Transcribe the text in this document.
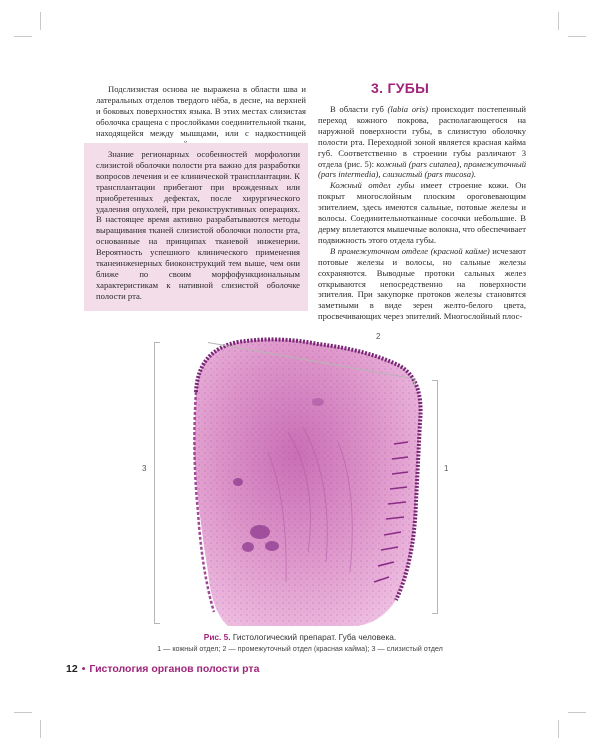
Подслизистая основа не выражена в области шва и латеральных отделов твердого нёба, в десне, на верхней и боковых поверхностях языка. В этих местах слизистая оболочка сращена с прослойками соединительной ткани, находящейся между мышцами, или с надкостницей

Знание регионарных особенностей морфологии слизистой оболочки полости рта важно для разработки вопросов лечения и ее клинической трансплантации. К трансплантации прибегают при врожденных или приобретенных дефектах, после хирургического удаления опухолей, при реконструктивных операциях. В настоящее время активно разрабатываются методы выращивания тканей слизистой оболочки полости рта, основанные на принципах тканевой инженерии. Вероятность успешного клинического применения тканеинженерных биоконструкций тем выше, чем они ближе по своим морфофункциональным характеристикам к нативной слизистой оболочке полости рта.

3. ГУБЫ

В области губ (labia oris) происходит постепенный переход кожного покрова, располагающегося на наружной поверхности губы, в слизистую оболочку полости рта. Переходной зоной является красная кайма губ. Соответственно в строении губы различают 3 отдела (рис. 5): кожный (pars cutanea), промежуточный (pars intermedia), слизистый (pars mucosa).

Кожный отдел губы имеет строение кожи. Он покрыт многослойным плоским ороговевающим эпителием, здесь имеются сальные, потовые железы и волосы. Соединительнотканные сосочки небольшие. В дерму вплетаются мышечные волокна, что обеспечивает подвижность этого отдела губы.

В промежуточном отделе (красной кайме) исчезают потовые железы и волосы, но сальные железы сохраняются. Выводные протоки сальных желез открываются непосредственно на поверхности эпителия. При закупорке протоков железы становятся заметными в виде зерен желто-белого цвета, просвечивающих через эпителий. Многослойный плос-

2
3	1
Рис. 5. Гистологический препарат. Губа человека.
1 — кожный отдел; 2 — промежуточный отдел (красная кайма); 3 — слизистый отдел
12 • Гистология органов полости рта
